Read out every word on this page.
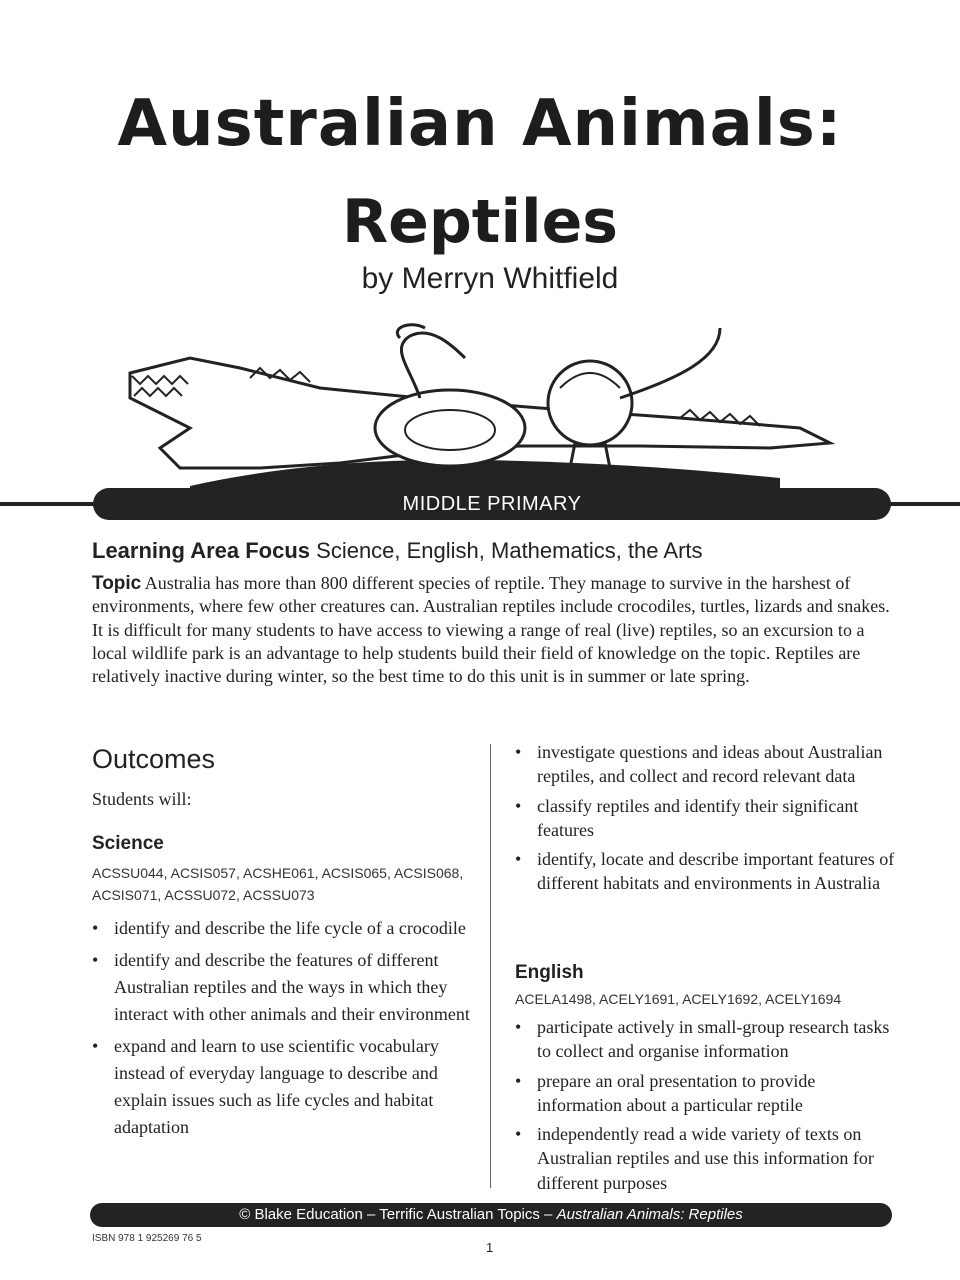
Australian Animals:
Reptiles
by Merryn Whitfield
MIDDLE PRIMARY
Learning Area Focus Science, English, Mathematics, the Arts
Topic Australia has more than 800 different species of reptile. They manage to survive in the harshest of environments, where few other creatures can. Australian reptiles include crocodiles, turtles, lizards and snakes. It is difficult for many students to have access to viewing a range of real (live) reptiles, so an excursion to a local wildlife park is an advantage to help students build their field of knowledge on the topic. Reptiles are relatively inactive during winter, so the best time to do this unit is in summer or late spring.
Outcomes
Students will:
Science
ACSSU044, ACSIS057, ACSHE061, ACSIS065, ACSIS068,
ACSIS071, ACSSU072, ACSSU073
• identify and describe the life cycle of a crocodile
• identify and describe the features of different Australian reptiles and the ways in which they interact with other animals and their environment
• expand and learn to use scientific vocabulary instead of everyday language to describe and explain issues such as life cycles and habitat adaptation
• investigate questions and ideas about Australian reptiles, and collect and record relevant data
• classify reptiles and identify their significant features
• identify, locate and describe important features of different habitats and environments in Australia
English
ACELA1498, ACELY1691, ACELY1692, ACELY1694
• participate actively in small-group research tasks to collect and organise information
• prepare an oral presentation to provide information about a particular reptile
• independently read a wide variety of texts on Australian reptiles and use this information for different purposes
© Blake Education – Terrific Australian Topics – Australian Animals: Reptiles
ISBN 978 1 925269 76 5
1
